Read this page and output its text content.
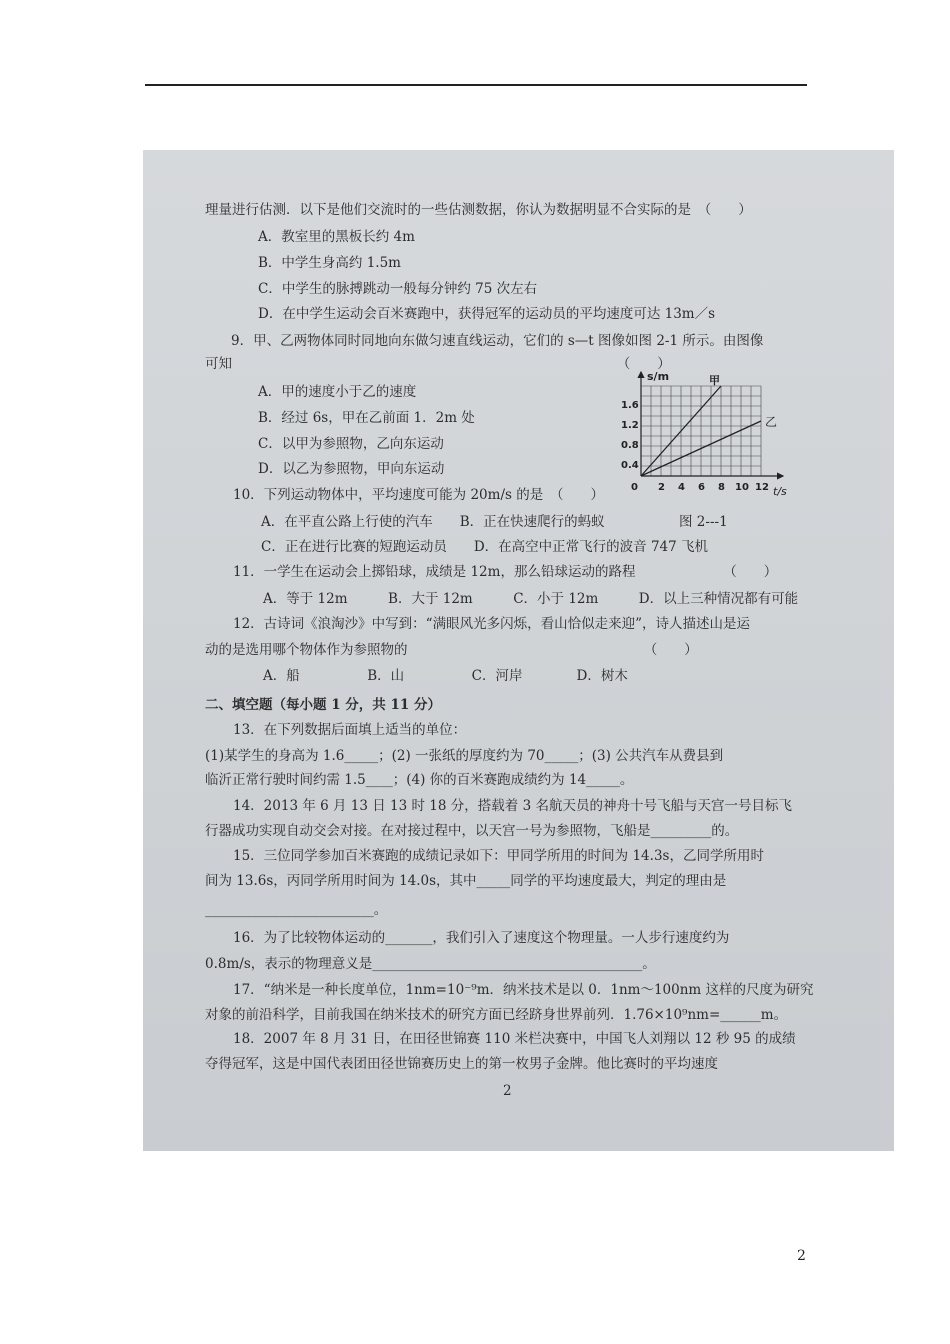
理量进行估测．以下是他们交流时的一些估测数据，你认为数据明显不合实际的是　（　　）
A．教室里的黑板长约 4m
B．中学生身高约 1.5m
C．中学生的脉搏跳动一般每分钟约 75 次左右
D．在中学生运动会百米赛跑中，获得冠军的运动员的平均速度可达 13m／s
9．甲、乙两物体同时同地向东做匀速直线运动，它们的 s—t 图像如图 2-1 所示。由图像
可知　　　　　　　　　　　　　　　　　　　　　　　　　　　　　（　　）
A．甲的速度小于乙的速度
B．经过 6s，甲在乙前面 1．2m 处
C．以甲为参照物，乙向东运动
D．以乙为参照物，甲向东运动
10．下列运动物体中，平均速度可能为 20m/s 的是　（　　）
A．在平直公路上行使的汽车　　B．正在快速爬行的蚂蚁	图 2---1
C．正在进行比赛的短跑运动员　　D．在高空中正常飞行的波音 747 飞机
11．一学生在运动会上掷铅球，成绩是 12m，那么铅球运动的路程　　　　　　　（　　）
A．等于 12m　　　B．大于 12m　　　C．小于 12m　　　D．以上三种情况都有可能
12．古诗词《浪淘沙》中写到：“满眼风光多闪烁，看山恰似走来迎”，诗人描述山是运
动的是选用哪个物体作为参照物的　　　　　　　　　　　　　　　　　　（　　）
A．船　　　　　B．山　　　　　C．河岸　　　　D．树木
二、填空题（每小题 1 分，共 11 分）
13．在下列数据后面填上适当的单位：
(1)某学生的身高为 1.6_____；(2) 一张纸的厚度约为 70_____；(3) 公共汽车从费县到
临沂正常行驶时间约需 1.5____；(4) 你的百米赛跑成绩约为 14_____。
14．2013 年 6 月 13 日 13 时 18 分，搭载着 3 名航天员的神舟十号飞船与天宫一号目标飞
行器成功实现自动交会对接。在对接过程中，以天宫一号为参照物，飞船是_________的。
15．三位同学参加百米赛跑的成绩记录如下：甲同学所用的时间为 14.3s，乙同学所用时
间为 13.6s，丙同学所用时间为 14.0s，其中_____同学的平均速度最大，判定的理由是
_________________________。
16．为了比较物体运动的_______，我们引入了速度这个物理量。一人步行速度约为
0.8m/s，表示的物理意义是________________________________________。
17．“纳米是一种长度单位，1nm=10⁻⁹m．纳米技术是以 0．1nm～100nm 这样的尺度为研究
对象的前沿科学，目前我国在纳米技术的研究方面已经跻身世界前列．1.76×10⁹nm=______m。
18．2007 年 8 月 31 日，在田径世锦赛 110 米栏决赛中，中国飞人刘翔以 12 秒 95 的成绩
夺得冠军，这是中国代表团田径世锦赛历史上的第一枚男子金牌。他比赛时的平均速度
2
s/m
t/s
甲
乙
1.6
1.2
0.8
0.4
0 2 4 6 8 10 12
2
